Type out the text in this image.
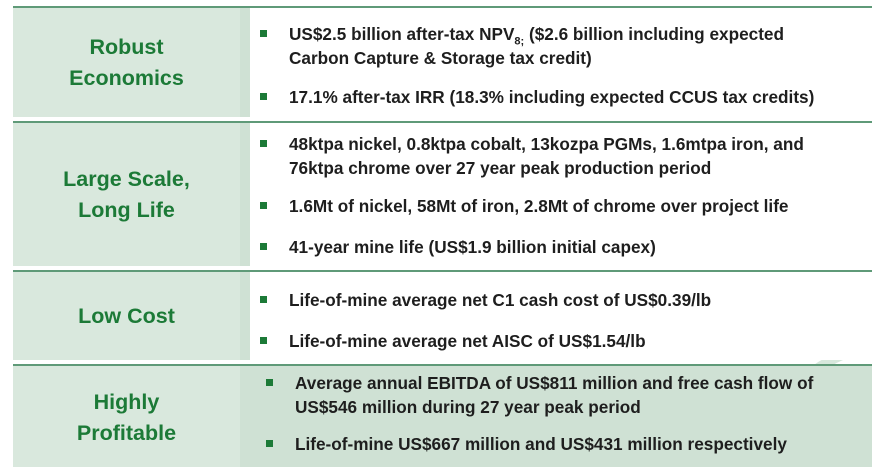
Robust
Economics
US$2.5 billion after-tax $NPV_{8;}$ ($2.6 billion including expected
Carbon Capture & Storage tax credit)
17.1% after-tax IRR (18.3% including expected CCUS tax credits)
Large Scale,
Long Life
48ktpa nickel, 0.8ktpa cobalt, 13kozpa PGMs, 1.6mtpa iron, and
76ktpa chrome over 27 year peak production period
1.6Mt of nickel, 58Mt of iron, 2.8Mt of chrome over project life
41-year mine life (US$1.9 billion initial capex)
Low Cost
Life-of-mine average net C1 cash cost of US$0.39/lb
Life-of-mine average net AISC of US$1.54/lb
Highly
Profitable
Average annual EBITDA of US$811 million and free cash flow of
US$546 million during 27 year peak period
Life-of-mine US$667 million and US$431 million respectively
